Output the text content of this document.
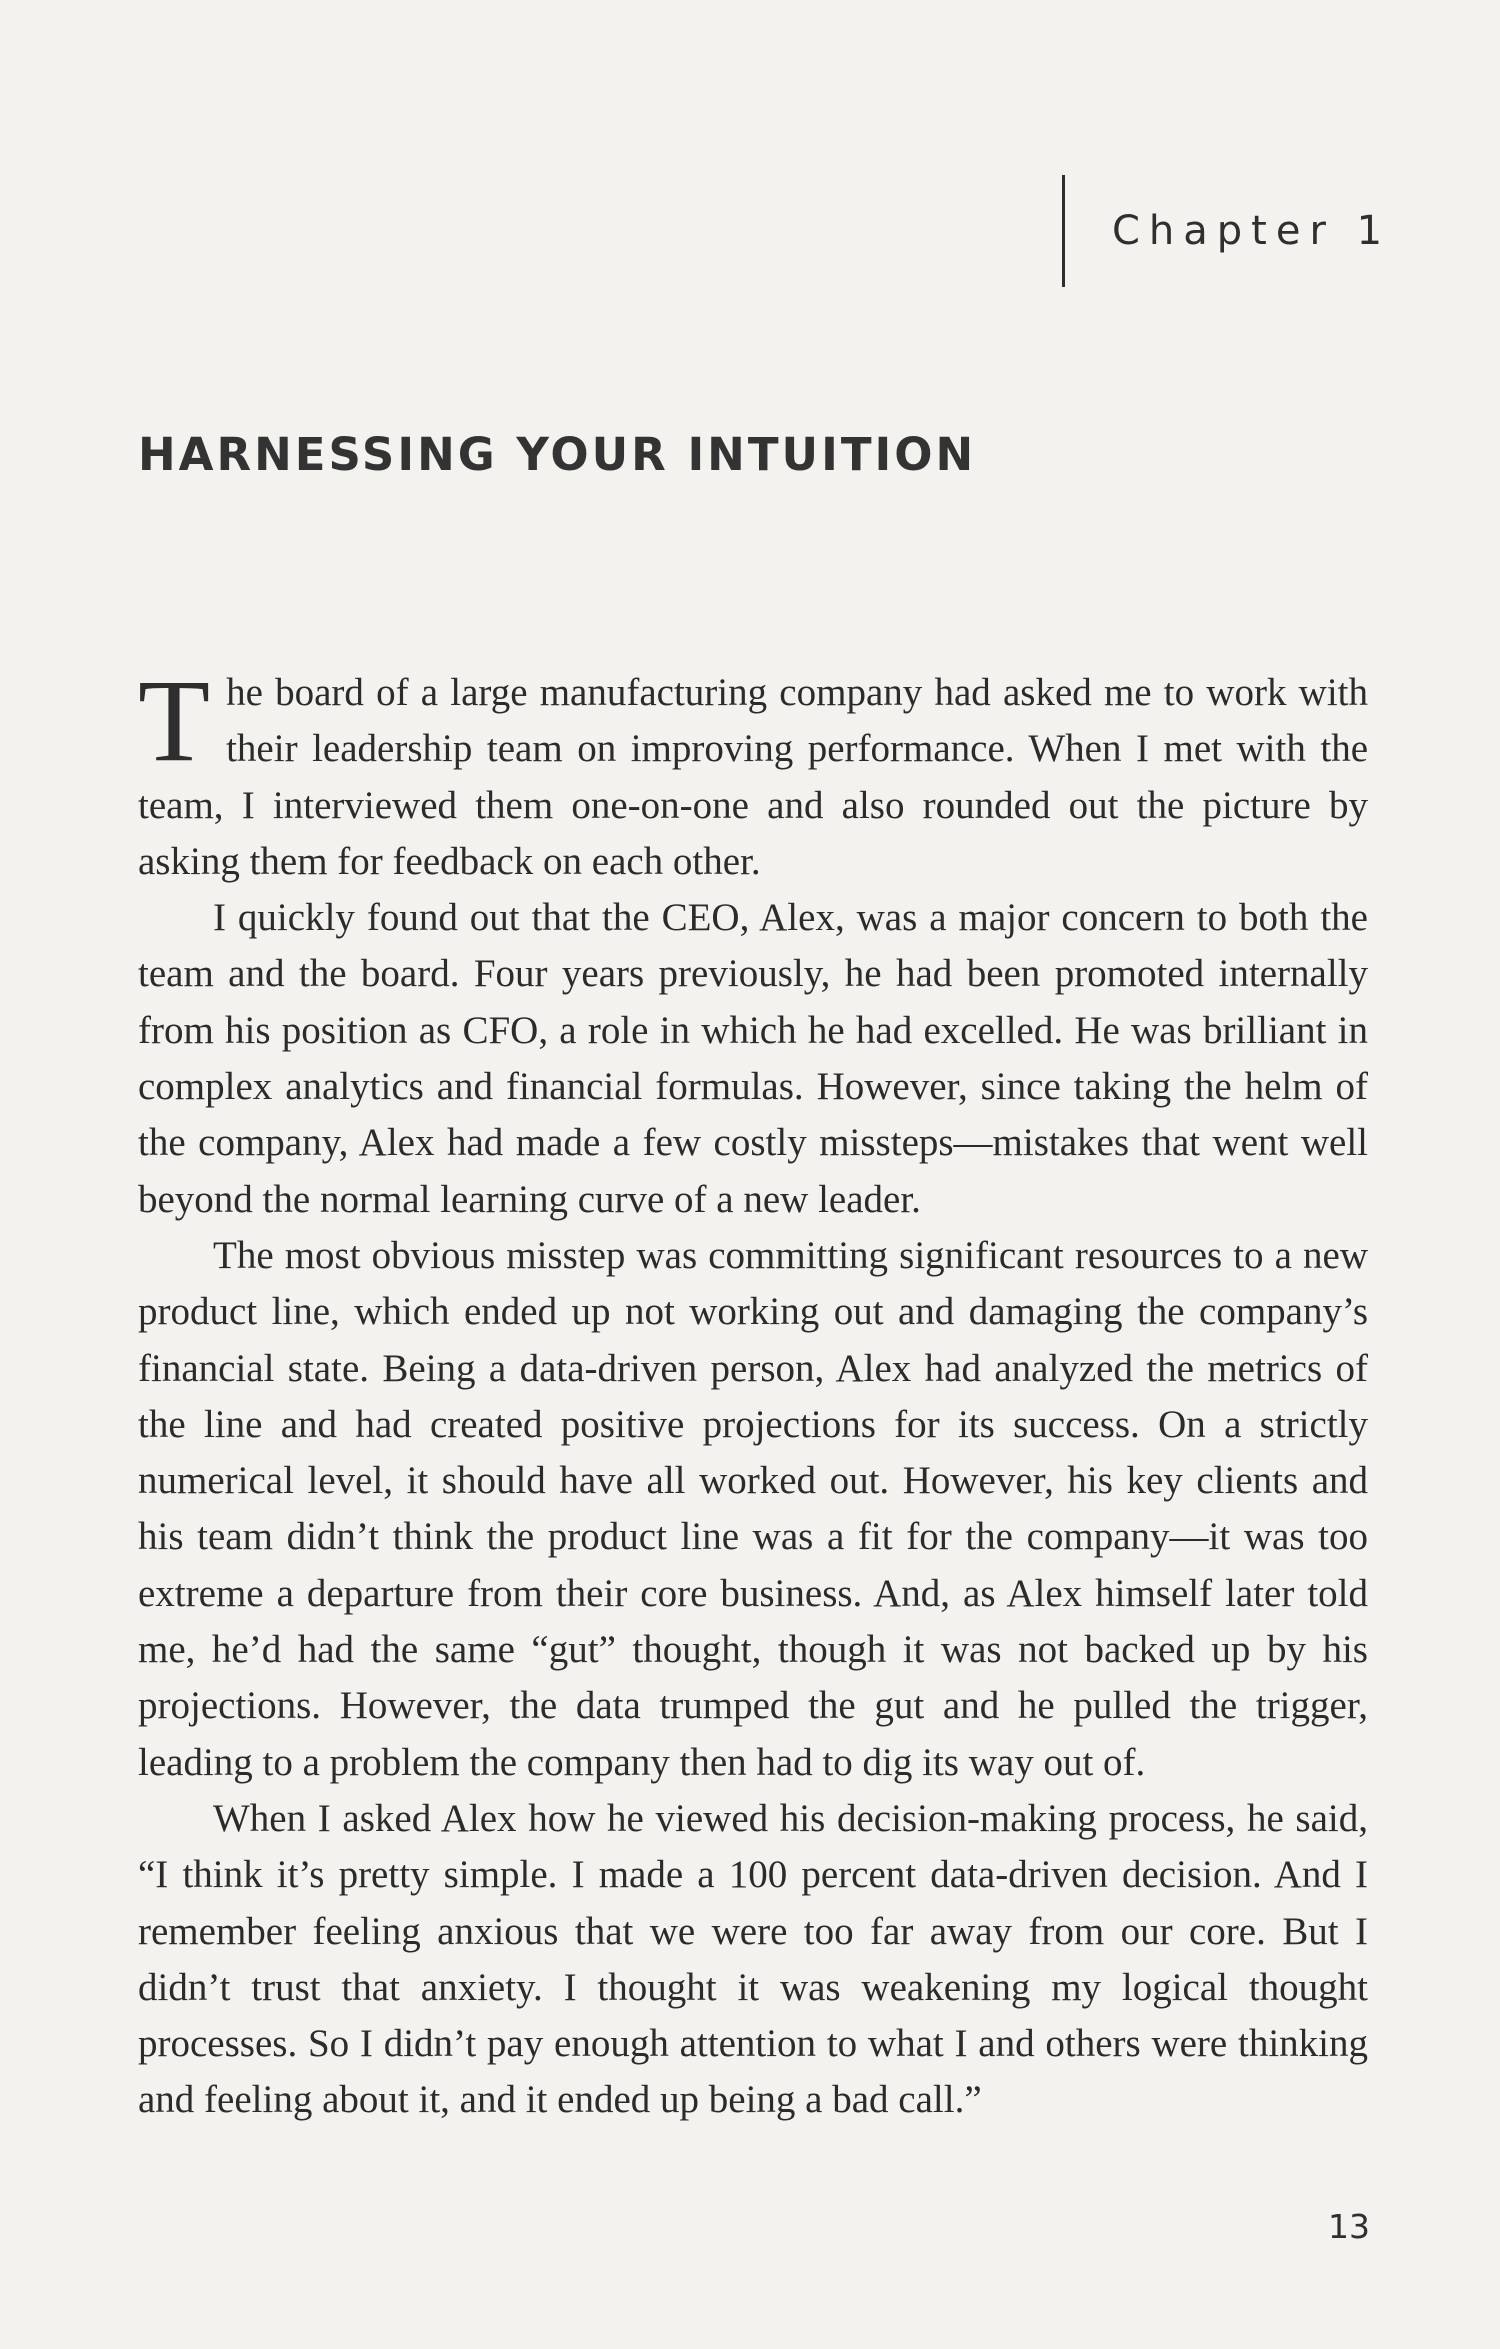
Chapter 1
HARNESSING YOUR INTUITION

The board of a large manufacturing company had asked me to work with their leadership team on improving performance. When I met with the team, I interviewed them one-on-one and also rounded out the picture by asking them for feedback on each other.

I quickly found out that the CEO, Alex, was a major concern to both the team and the board. Four years previously, he had been promoted internally from his position as CFO, a role in which he had excelled. He was brilliant in complex analytics and financial formulas. However, since taking the helm of the company, Alex had made a few costly missteps—mistakes that went well beyond the normal learning curve of a new leader.

The most obvious misstep was committing significant resources to a new product line, which ended up not working out and damaging the company’s financial state. Being a data-driven person, Alex had analyzed the metrics of the line and had created positive projections for its success. On a strictly numerical level, it should have all worked out. However, his key clients and his team didn’t think the product line was a fit for the company—it was too extreme a departure from their core business. And, as Alex himself later told me, he’d had the same “gut” thought, though it was not backed up by his projections. However, the data trumped the gut and he pulled the trigger, leading to a problem the company then had to dig its way out of.

When I asked Alex how he viewed his decision-making process, he said, “I think it’s pretty simple. I made a 100 percent data-driven decision. And I remember feeling anxious that we were too far away from our core. But I didn’t trust that anxiety. I thought it was weakening my logical thought processes. So I didn’t pay enough attention to what I and others were thinking and feeling about it, and it ended up being a bad call.”

13
